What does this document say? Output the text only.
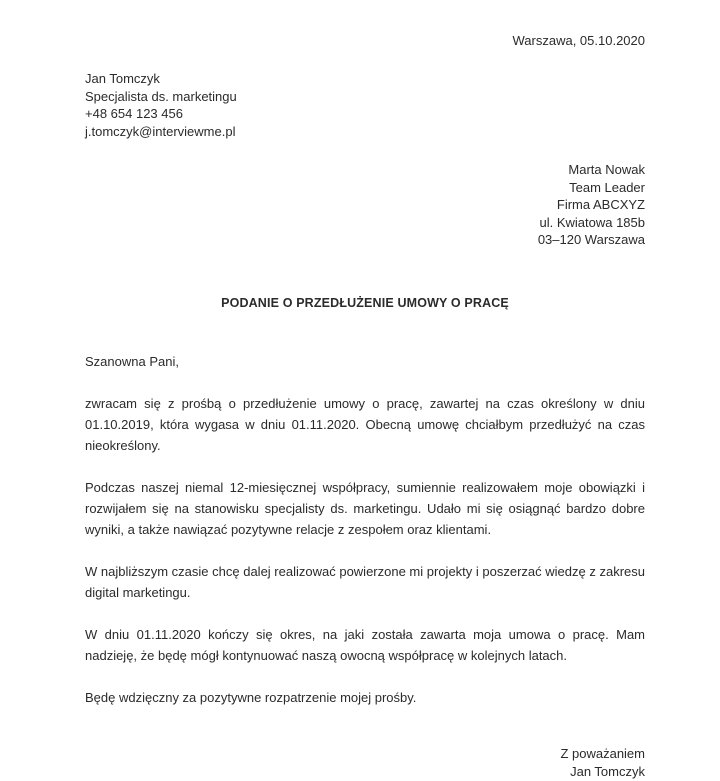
Warszawa, 05.10.2020
Jan Tomczyk
Specjalista ds. marketingu
+48 654 123 456
j.tomczyk@interviewme.pl
Marta Nowak
Team Leader
Firma ABCXYZ
ul. Kwiatowa 185b
03–120 Warszawa
PODANIE O PRZEDŁUŻENIE UMOWY O PRACĘ
Szanowna Pani,

zwracam się z prośbą o przedłużenie umowy o pracę, zawartej na czas określony w dniu 01.10.2019, która wygasa w dniu 01.11.2020. Obecną umowę chciałbym przedłużyć na czas nieokreślony.

Podczas naszej niemal 12-miesięcznej współpracy, sumiennie realizowałem moje obowiązki i rozwijałem się na stanowisku specjalisty ds. marketingu. Udało mi się osiągnąć bardzo dobre wyniki, a także nawiązać pozytywne relacje z zespołem oraz klientami.

W najbliższym czasie chcę dalej realizować powierzone mi projekty i poszerzać wiedzę z zakresu digital marketingu.

W dniu 01.11.2020 kończy się okres, na jaki została zawarta moja umowa o pracę. Mam nadzieję, że będę mógł kontynuować naszą owocną współpracę w kolejnych latach.

Będę wdzięczny za pozytywne rozpatrzenie mojej prośby.

Z poważaniem
Jan Tomczyk
